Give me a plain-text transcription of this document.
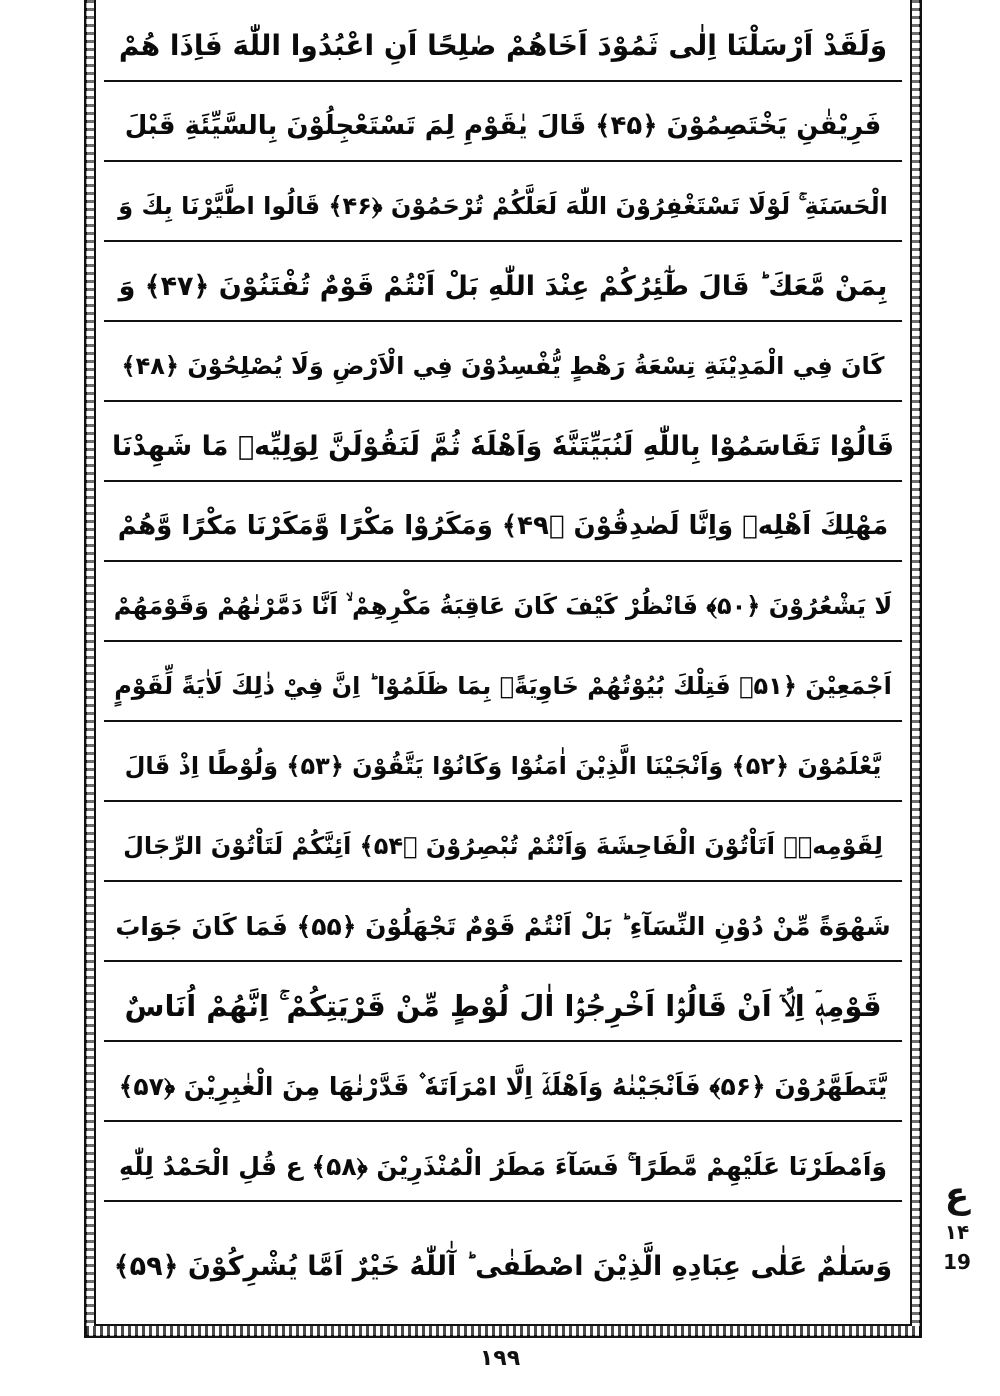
وَلَقَدْ اَرْسَلْنَا اِلٰى ثَمُوْدَ اَخَاهُمْ صٰلِحًا اَنِ اعْبُدُوا اللّٰهَ فَاِذَا هُمْ
فَرِيْقٰنِ يَخْتَصِمُوْنَ ﴿۴۵﴾ قَالَ يٰقَوْمِ لِمَ تَسْتَعْجِلُوْنَ بِالسَّيِّئَةِ قَبْلَ
الْحَسَنَةِ ۚ لَوْلَا تَسْتَغْفِرُوْنَ اللّٰهَ لَعَلَّكُمْ تُرْحَمُوْنَ ﴿۴۶﴾ قَالُوا اطَّيَّرْنَا بِكَ وَ
بِمَنْ مَّعَكَ ؕ قَالَ طٰٓئِرُكُمْ عِنْدَ اللّٰهِ بَلْ اَنْتُمْ قَوْمٌ تُفْتَنُوْنَ ﴿۴۷﴾ وَ
كَانَ فِي الْمَدِيْنَةِ تِسْعَةُ رَهْطٍ يُّفْسِدُوْنَ فِي الْاَرْضِ وَلَا يُصْلِحُوْنَ ﴿۴۸﴾
قَالُوْا تَقَاسَمُوْا بِاللّٰهِ لَنُبَيِّتَنَّهٗ وَاَهْلَهٗ ثُمَّ لَنَقُوْلَنَّ لِوَلِيِّهٖ مَا شَهِدْنَا
مَهْلِكَ اَهْلِهٖ وَاِنَّا لَصٰدِقُوْنَ ﴿۴۹﴾ وَمَكَرُوْا مَكْرًا وَّمَكَرْنَا مَكْرًا وَّهُمْ
لَا يَشْعُرُوْنَ ﴿۵۰﴾ فَانْظُرْ كَيْفَ كَانَ عَاقِبَةُ مَكْرِهِمْ ۙ اَنَّا دَمَّرْنٰهُمْ وَقَوْمَهُمْ
اَجْمَعِيْنَ ﴿۵۱﴾ فَتِلْكَ بُيُوْتُهُمْ خَاوِيَةًۢ بِمَا ظَلَمُوْا ؕ اِنَّ فِيْ ذٰلِكَ لَاٰيَةً لِّقَوْمٍ
يَّعْلَمُوْنَ ﴿۵۲﴾ وَاَنْجَيْنَا الَّذِيْنَ اٰمَنُوْا وَكَانُوْا يَتَّقُوْنَ ﴿۵۳﴾ وَلُوْطًا اِذْ قَالَ
لِقَوْمِهٖۤ اَتَاْتُوْنَ الْفَاحِشَةَ وَاَنْتُمْ تُبْصِرُوْنَ ﴿۵۴﴾ اَئِنَّكُمْ لَتَاْتُوْنَ الرِّجَالَ
شَهْوَةً مِّنْ دُوْنِ النِّسَآءِ ؕ بَلْ اَنْتُمْ قَوْمٌ تَجْهَلُوْنَ ﴿۵۵﴾ فَمَا كَانَ جَوَابَ
قَوْمِهٖۤ اِلَّاۤ اَنْ قَالُوْۤا اَخْرِجُوْۤا اٰلَ لُوْطٍ مِّنْ قَرْيَتِكُمْ ۚ اِنَّهُمْ اُنَاسٌ
يَّتَطَهَّرُوْنَ ﴿۵۶﴾ فَاَنْجَيْنٰهُ وَاَهْلَهٗۤ اِلَّا امْرَاَتَهٗ ۫ قَدَّرْنٰهَا مِنَ الْغٰبِرِيْنَ ﴿۵۷﴾
وَاَمْطَرْنَا عَلَيْهِمْ مَّطَرًا ۚ فَسَآءَ مَطَرُ الْمُنْذَرِيْنَ ﴿۵۸﴾ ع قُلِ الْحَمْدُ لِلّٰهِ
وَسَلٰمٌ عَلٰى عِبَادِهِ الَّذِيْنَ اصْطَفٰى ؕ آٰللّٰهُ خَيْرٌ اَمَّا يُشْرِكُوْنَ ﴿۵۹﴾
ع
۱۴
19
۱۹۹
